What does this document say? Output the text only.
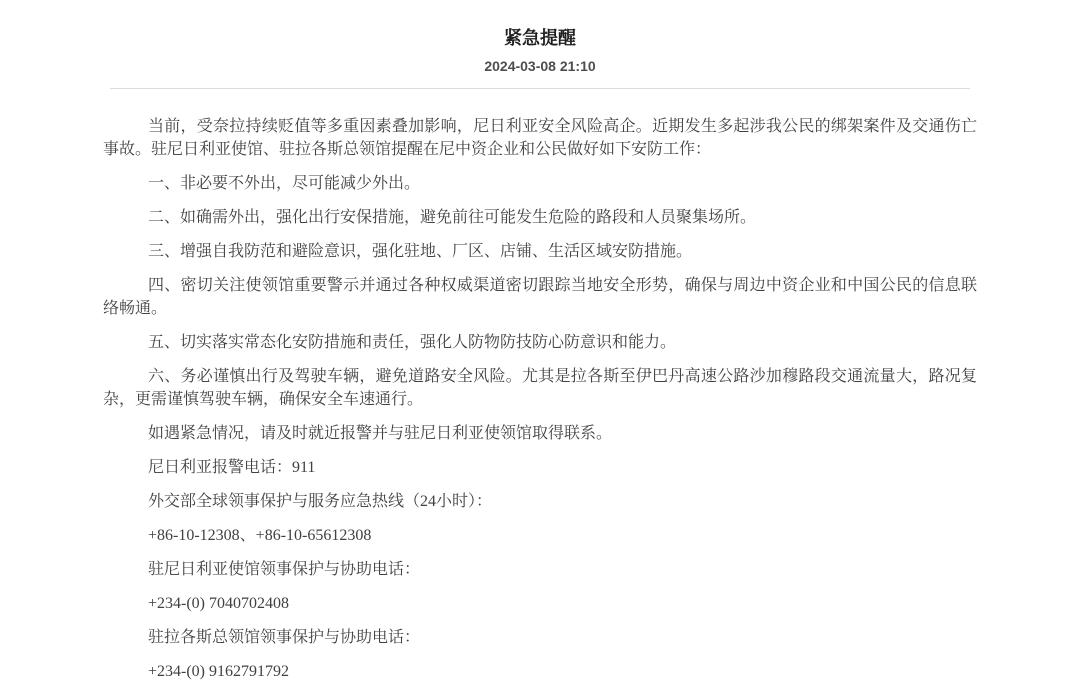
紧急提醒
2024-03-08 21:10

当前，受奈拉持续贬值等多重因素叠加影响，尼日利亚安全风险高企。近期发生多起涉我公民的绑架案件及交通伤亡事故。驻尼日利亚使馆、驻拉各斯总领馆提醒在尼中资企业和公民做好如下安防工作：

一、非必要不外出，尽可能减少外出。

二、如确需外出，强化出行安保措施，避免前往可能发生危险的路段和人员聚集场所。

三、增强自我防范和避险意识，强化驻地、厂区、店铺、生活区域安防措施。

四、密切关注使领馆重要警示并通过各种权威渠道密切跟踪当地安全形势，确保与周边中资企业和中国公民的信息联络畅通。

五、切实落实常态化安防措施和责任，强化人防物防技防心防意识和能力。

六、务必谨慎出行及驾驶车辆，避免道路安全风险。尤其是拉各斯至伊巴丹高速公路沙加穆路段交通流量大，路况复杂，更需谨慎驾驶车辆，确保安全车速通行。

如遇紧急情况，请及时就近报警并与驻尼日利亚使领馆取得联系。

尼日利亚报警电话：911

外交部全球领事保护与服务应急热线（24小时）：

+86-10-12308、+86-10-65612308

驻尼日利亚使馆领事保护与协助电话：

+234-(0) 7040702408

驻拉各斯总领馆领事保护与协助电话：

+234-(0) 9162791792
